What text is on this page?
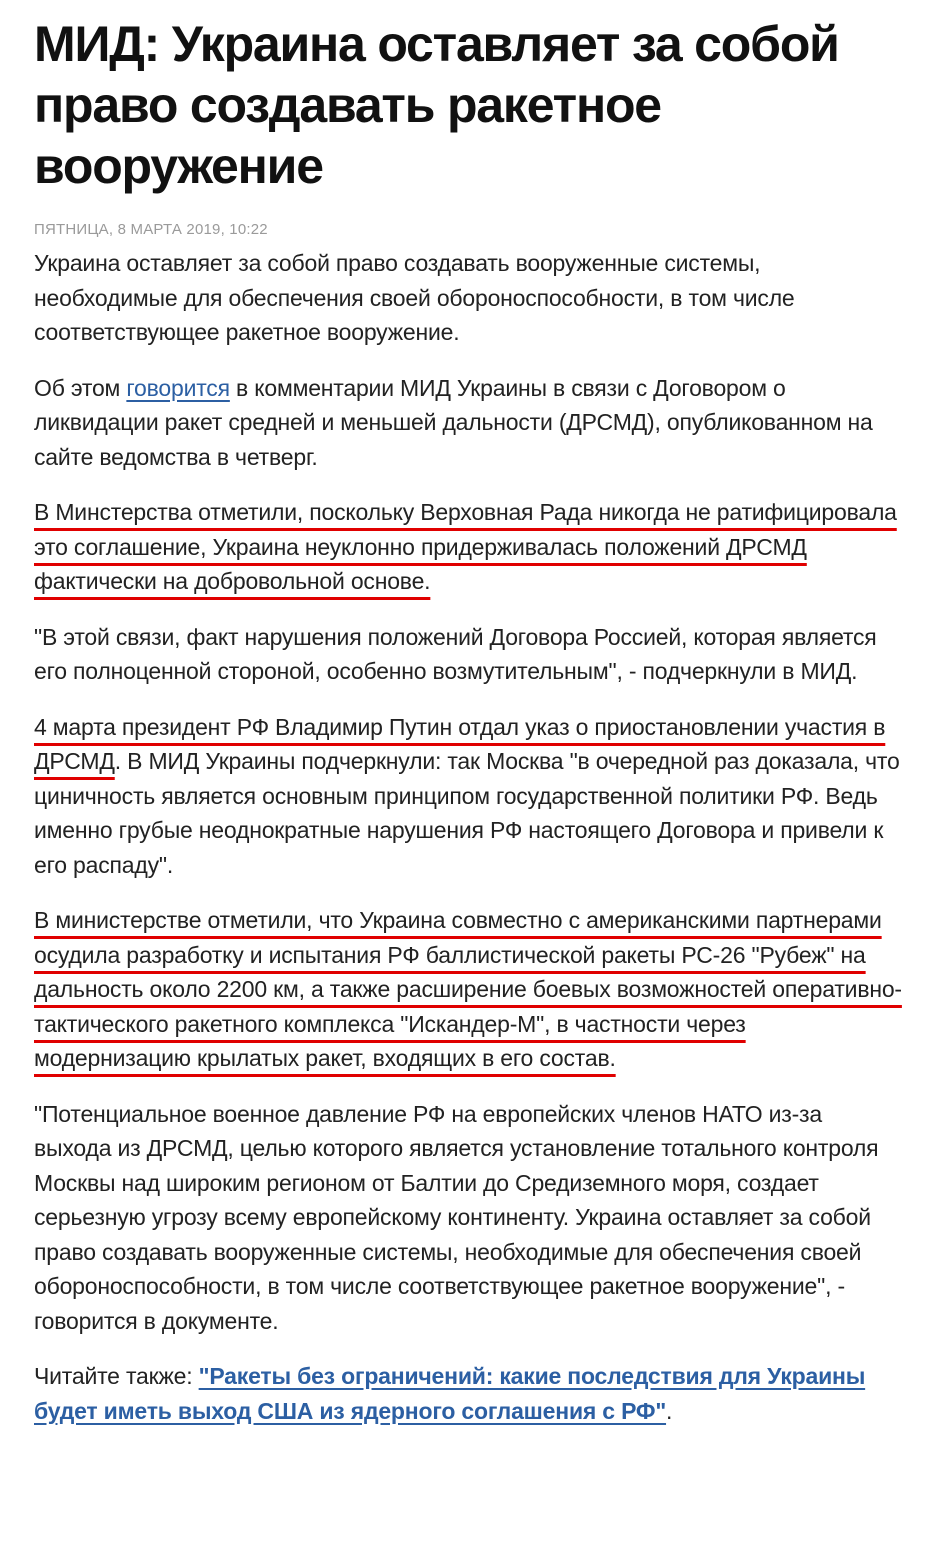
МИД: Украина оставляет за собой право создавать ракетное вооружение
ПЯТНИЦА, 8 МАРТА 2019, 10:22

Украина оставляет за собой право создавать вооруженные системы, необходимые для обеспечения своей обороноспособности, в том числе соответствующее ракетное вооружение.

Об этом говорится в комментарии МИД Украины в связи с Договором о ликвидации ракет средней и меньшей дальности (ДРСМД), опубликованном на сайте ведомства в четверг.

В Минстерства отметили, поскольку Верховная Рада никогда не ратифицировала это соглашение, Украина неуклонно придерживалась положений ДРСМД фактически на добровольной основе.

"В этой связи, факт нарушения положений Договора Россией, которая является его полноценной стороной, особенно возмутительным", - подчеркнули в МИД.

4 марта президент РФ Владимир Путин отдал указ о приостановлении участия в ДРСМД. В МИД Украины подчеркнули: так Москва "в очередной раз доказала, что циничность является основным принципом государственной политики РФ. Ведь именно грубые неоднократные нарушения РФ настоящего Договора и привели к его распаду".

В министерстве отметили, что Украина совместно с американскими партнерами осудила разработку и испытания РФ баллистической ракеты РС-26 "Рубеж" на дальность около 2200 км, а также расширение боевых возможностей оперативно-тактического ракетного комплекса "Искандер-М", в частности через модернизацию крылатых ракет, входящих в его состав.

"Потенциальное военное давление РФ на европейских членов НАТО из-за выхода из ДРСМД, целью которого является установление тотального контроля Москвы над широким регионом от Балтии до Средиземного моря, создает серьезную угрозу всему европейскому континенту. Украина оставляет за собой право создавать вооруженные системы, необходимые для обеспечения своей обороноспособности, в том числе соответствующее ракетное вооружение", - говорится в документе.

Читайте также: "Ракеты без ограничений: какие последствия для Украины будет иметь выход США из ядерного соглашения с РФ".
